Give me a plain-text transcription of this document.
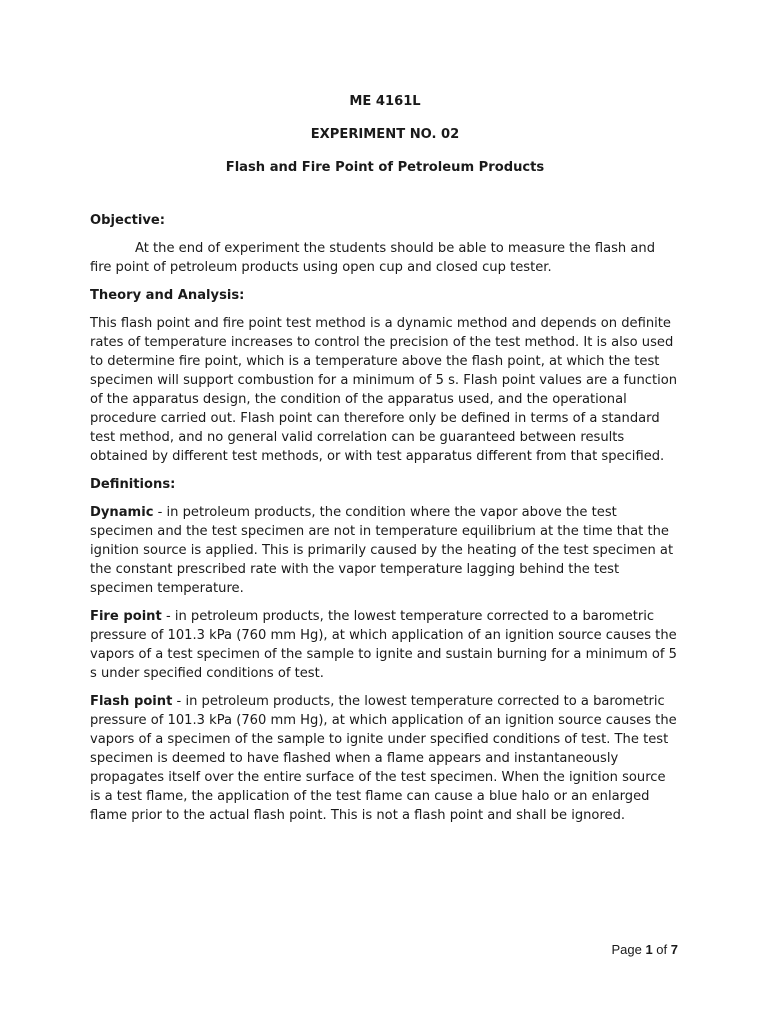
ME 4161L

EXPERIMENT NO. 02

Flash and Fire Point of Petroleum Products

Objective:

At the end of experiment the students should be able to measure the flash and fire point of petroleum products using open cup and closed cup tester.

Theory and Analysis:

This flash point and fire point test method is a dynamic method and depends on definite rates of temperature increases to control the precision of the test method. It is also used to determine fire point, which is a temperature above the flash point, at which the test specimen will support combustion for a minimum of 5 s. Flash point values are a function of the apparatus design, the condition of the apparatus used, and the operational procedure carried out. Flash point can therefore only be defined in terms of a standard test method, and no general valid correlation can be guaranteed between results obtained by different test methods, or with test apparatus different from that specified.

Definitions:

Dynamic - in petroleum products, the condition where the vapor above the test specimen and the test specimen are not in temperature equilibrium at the time that the ignition source is applied. This is primarily caused by the heating of the test specimen at the constant prescribed rate with the vapor temperature lagging behind the test specimen temperature.

Fire point - in petroleum products, the lowest temperature corrected to a barometric pressure of 101.3 kPa (760 mm Hg), at which application of an ignition source causes the vapors of a test specimen of the sample to ignite and sustain burning for a minimum of 5 s under specified conditions of test.

Flash point - in petroleum products, the lowest temperature corrected to a barometric pressure of 101.3 kPa (760 mm Hg), at which application of an ignition source causes the vapors of a specimen of the sample to ignite under specified conditions of test. The test specimen is deemed to have flashed when a flame appears and instantaneously propagates itself over the entire surface of the test specimen. When the ignition source is a test flame, the application of the test flame can cause a blue halo or an enlarged flame prior to the actual flash point. This is not a flash point and shall be ignored.

Page 1 of 7
